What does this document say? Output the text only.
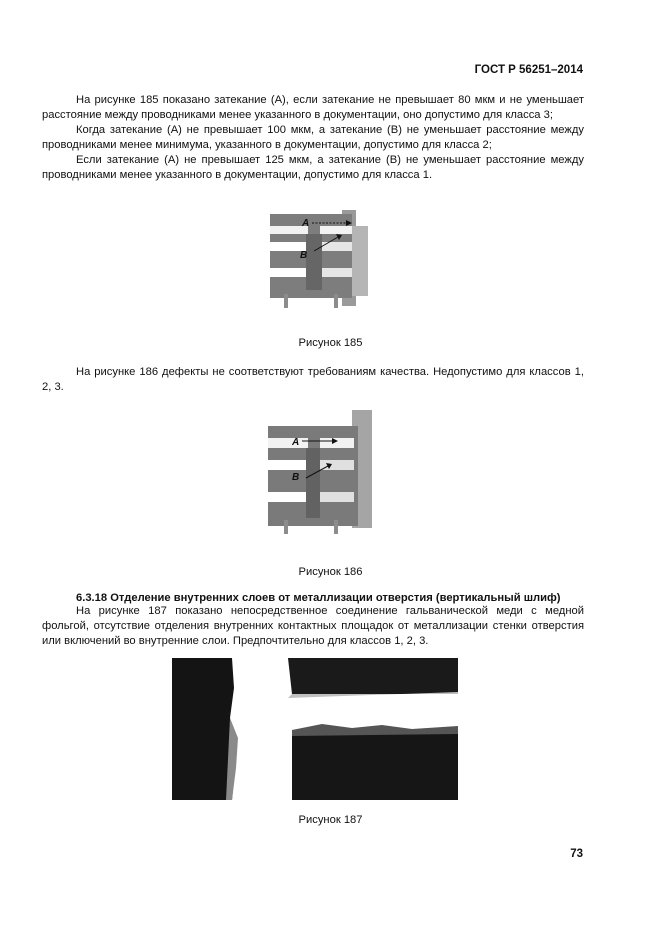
ГОСТ Р 56251–2014

На рисунке 185 показано затекание (A), если затекание не превышает 80 мкм и не уменьшает расстояние между проводниками менее указанного в документации, оно допустимо для класса 3;

Когда затекание (A) не превышает 100 мкм, а затекание (B) не уменьшает расстояние между проводниками менее минимума, указанного в документации, допустимо для класса 2;

Если затекание (A) не превышает 125 мкм, а затекание (B) не уменьшает расстояние между проводниками менее указанного в документации, допустимо для класса 1.

A
B
Рисунок 185

На рисунке 186 дефекты не соответствуют требованиям качества. Недопустимо для классов 1, 2, 3.

A
B
Рисунок 186
6.3.18 Отделение внутренних слоев от металлизации отверстия (вертикальный шлиф)

На рисунке 187 показано непосредственное соединение гальванической меди с медной фольгой, отсутствие отделения внутренних контактных площадок от металлизации стенки отверстия или включений во внутренние слои. Предпочтительно для классов 1, 2, 3.

Рисунок 187
73
